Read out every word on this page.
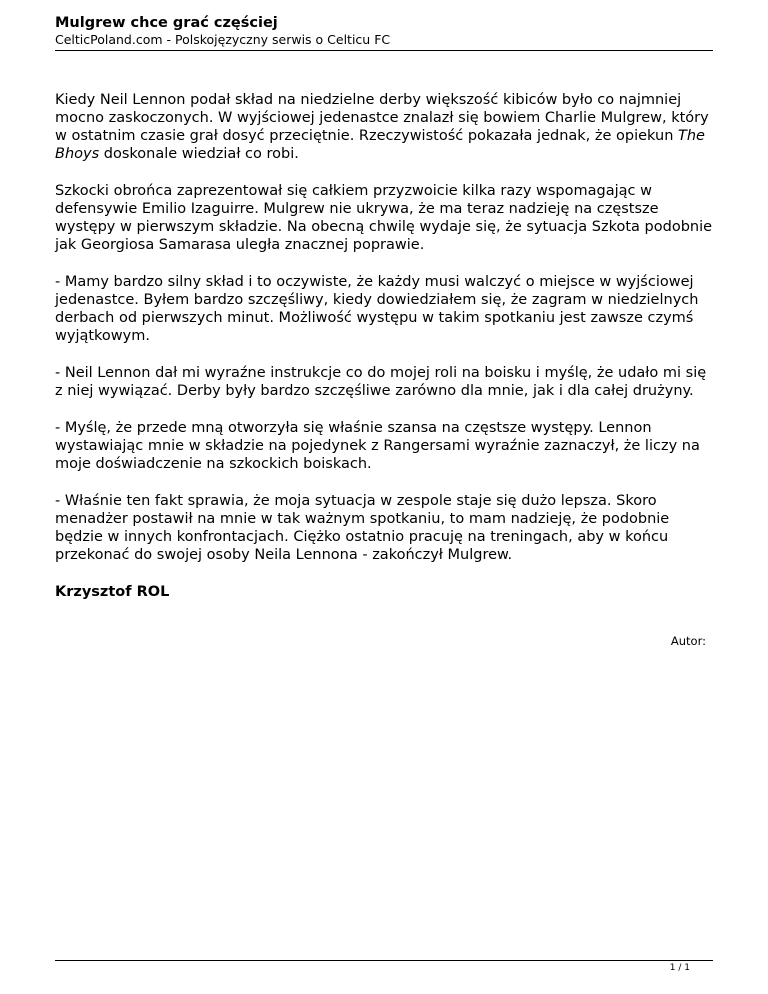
Mulgrew chce grać częściej
CelticPoland.com - Polskojęzyczny serwis o Celticu FC

Kiedy Neil Lennon podał skład na niedzielne derby większość kibiców było co najmniej mocno zaskoczonych. W wyjściowej jedenastce znalazł się bowiem Charlie Mulgrew, który w ostatnim czasie grał dosyć przeciętnie. Rzeczywistość pokazała jednak, że opiekun The Bhoys doskonale wiedział co robi.

Szkocki obrońca zaprezentował się całkiem przyzwoicie kilka razy wspomagając w defensywie Emilio Izaguirre. Mulgrew nie ukrywa, że ma teraz nadzieję na częstsze występy w pierwszym składzie. Na obecną chwilę wydaje się, że sytuacja Szkota podobnie jak Georgiosa Samarasa uległa znacznej poprawie.

- Mamy bardzo silny skład i to oczywiste, że każdy musi walczyć o miejsce w wyjściowej jedenastce. Byłem bardzo szczęśliwy, kiedy dowiedziałem się, że zagram w niedzielnych derbach od pierwszych minut. Możliwość występu w takim spotkaniu jest zawsze czymś wyjątkowym.

- Neil Lennon dał mi wyraźne instrukcje co do mojej roli na boisku i myślę, że udało mi się z niej wywiązać. Derby były bardzo szczęśliwe zarówno dla mnie, jak i dla całej drużyny.

- Myślę, że przede mną otworzyła się właśnie szansa na częstsze występy. Lennon wystawiając mnie w składzie na pojedynek z Rangersami wyraźnie zaznaczył, że liczy na moje doświadczenie na szkockich boiskach.

- Właśnie ten fakt sprawia, że moja sytuacja w zespole staje się dużo lepsza. Skoro menadżer postawił na mnie w tak ważnym spotkaniu, to mam nadzieję, że podobnie będzie w innych konfrontacjach. Ciężko ostatnio pracuję na treningach, aby w końcu przekonać do swojej osoby Neila Lennona - zakończył Mulgrew.

Krzysztof ROL

Autor:
1 / 1
